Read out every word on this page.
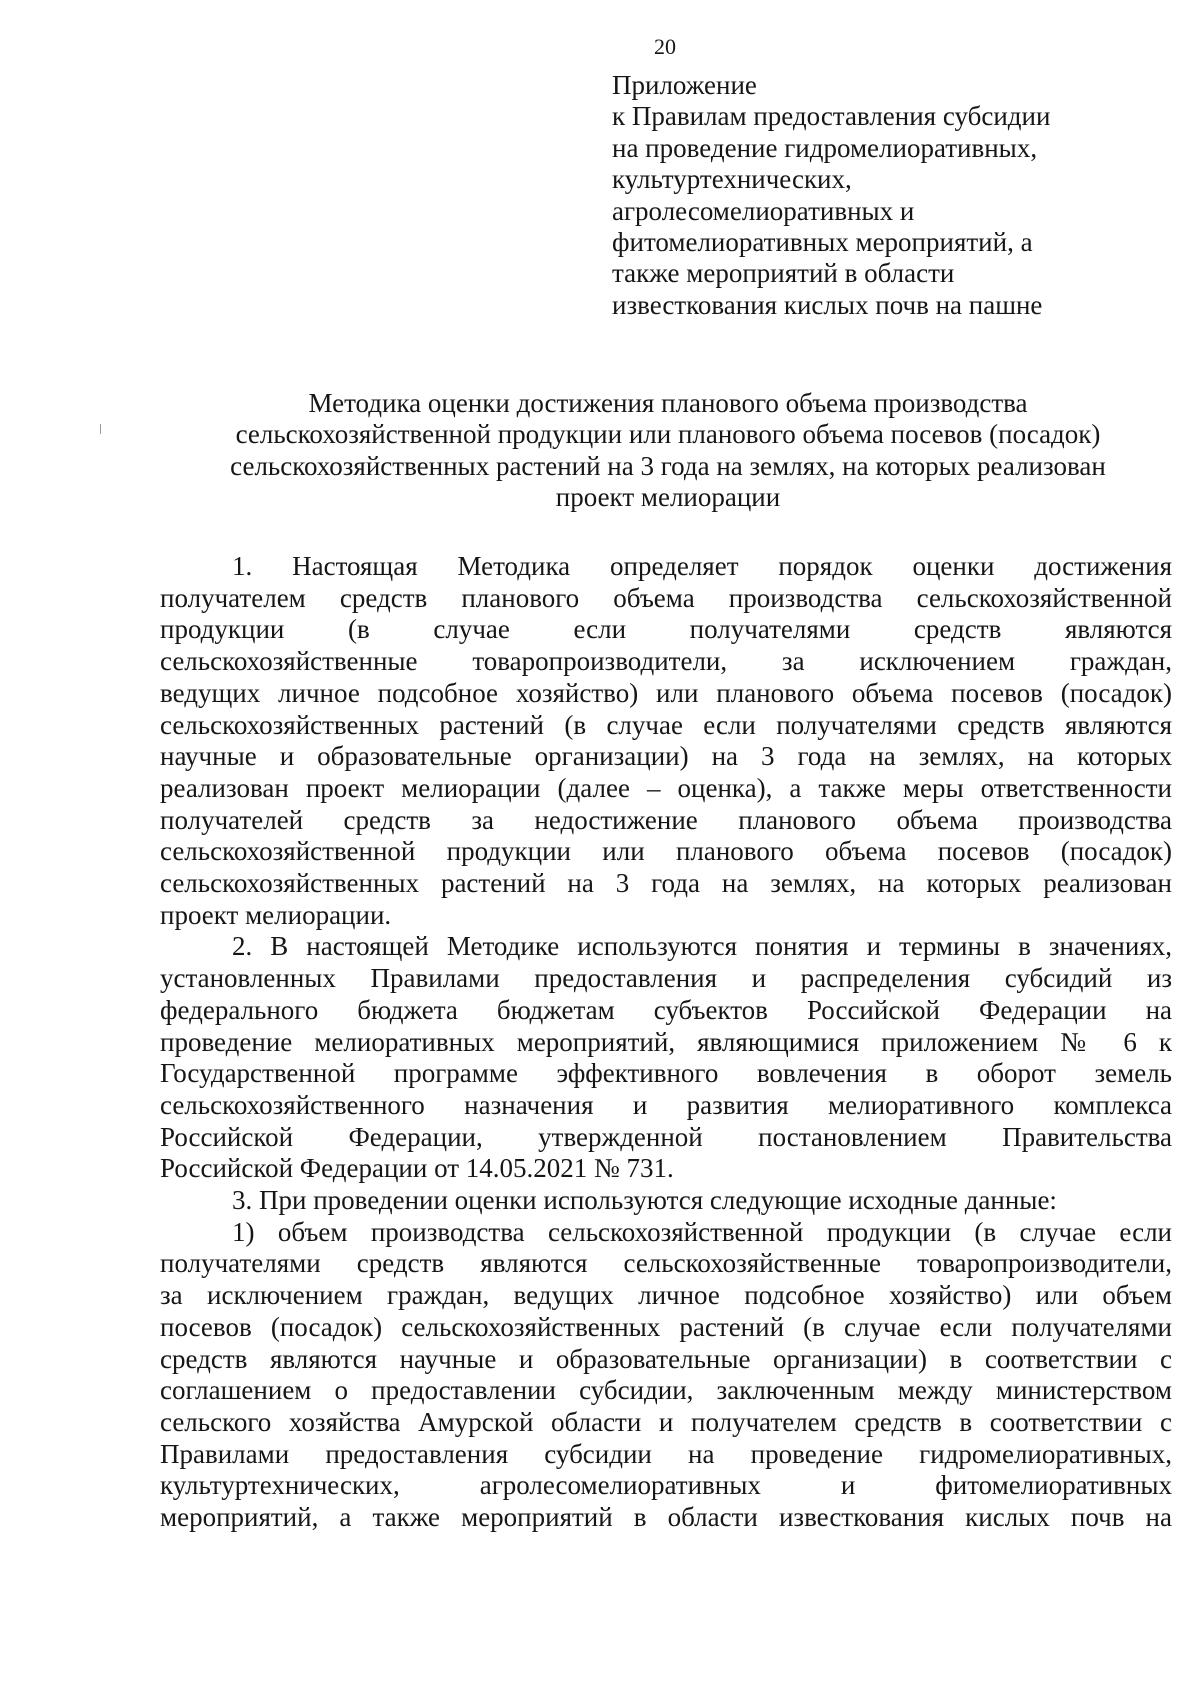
20
Приложение
к Правилам предоставления субсидии
на проведение гидромелиоративных,
культуртехнических,
агролесомелиоративных и
фитомелиоративных мероприятий, а
также мероприятий в области
известкования кислых почв на пашне
Методика оценки достижения планового объема производства
сельскохозяйственной продукции или планового объема посевов (посадок)
сельскохозяйственных растений на 3 года на землях, на которых реализован
проект мелиорации
1. Настоящая Методика определяет порядок оценки достижения
получателем средств планового объема производства сельскохозяйственной
продукции (в случае если получателями средств являются
сельскохозяйственные товаропроизводители, за исключением граждан,
ведущих личное подсобное хозяйство) или планового объема посевов (посадок)
сельскохозяйственных растений (в случае если получателями средств являются
научные и образовательные организации) на 3 года на землях, на которых
реализован проект мелиорации (далее – оценка), а также меры ответственности
получателей средств за недостижение планового объема производства
сельскохозяйственной продукции или планового объема посевов (посадок)
сельскохозяйственных растений на 3 года на землях, на которых реализован
проект мелиорации.
2. В настоящей Методике используются понятия и термины в значениях,
установленных Правилами предоставления и распределения субсидий из
федерального бюджета бюджетам субъектов Российской Федерации на
проведение мелиоративных мероприятий, являющимися приложением № 6 к
Государственной программе эффективного вовлечения в оборот земель
сельскохозяйственного назначения и развития мелиоративного комплекса
Российской Федерации, утвержденной постановлением Правительства
Российской Федерации от 14.05.2021 № 731.
3. При проведении оценки используются следующие исходные данные:
1) объем производства сельскохозяйственной продукции (в случае если
получателями средств являются сельскохозяйственные товаропроизводители,
за исключением граждан, ведущих личное подсобное хозяйство) или объем
посевов (посадок) сельскохозяйственных растений (в случае если получателями
средств являются научные и образовательные организации) в соответствии с
соглашением о предоставлении субсидии, заключенным между министерством
сельского хозяйства Амурской области и получателем средств в соответствии с
Правилами предоставления субсидии на проведение гидромелиоративных,
культуртехнических, агролесомелиоративных и фитомелиоративных
мероприятий, а также мероприятий в области известкования кислых почв на
